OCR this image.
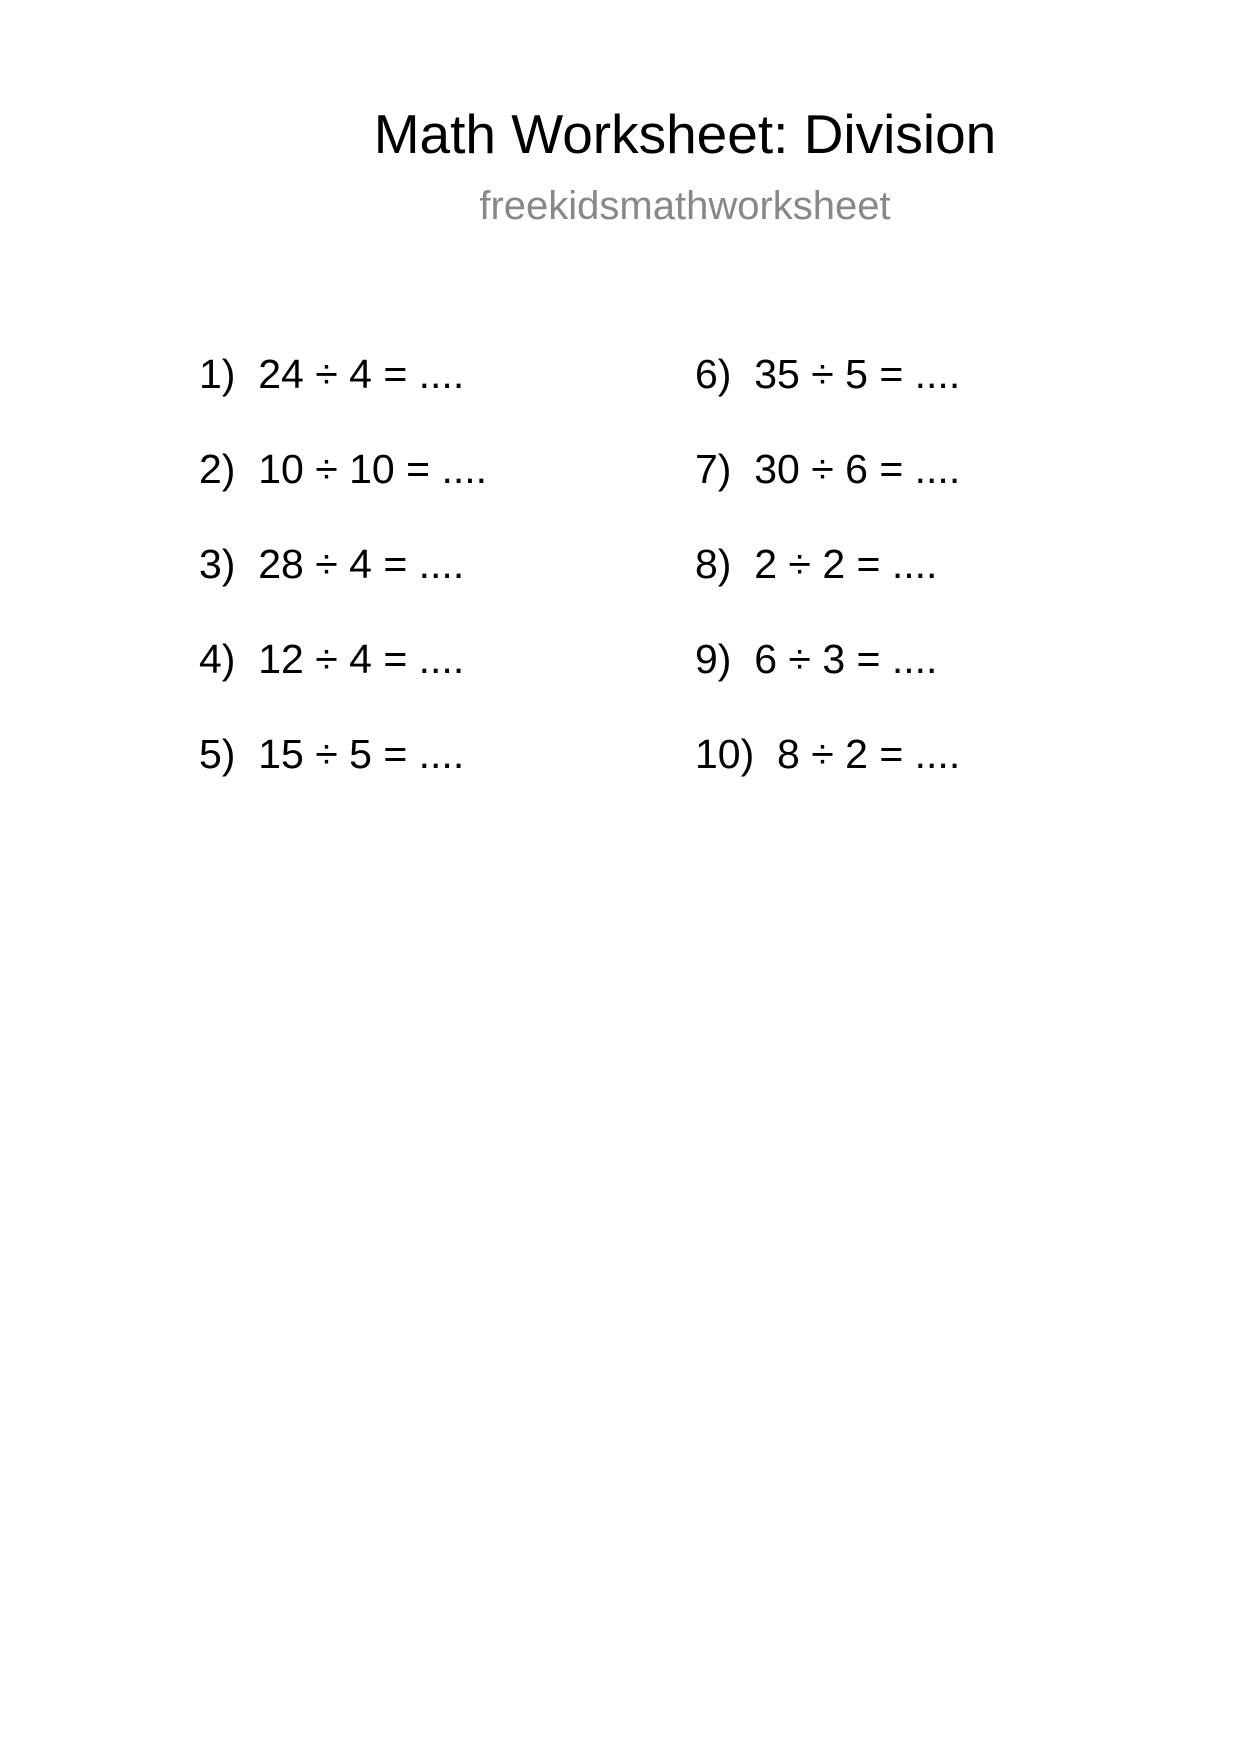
Math Worksheet: Division
freekidsmathworksheet
1)  24 ÷ 4 = ....
2)  10 ÷ 10 = ....
3)  28 ÷ 4 = ....
4)  12 ÷ 4 = ....
5)  15 ÷ 5 = ....
6)  35 ÷ 5 = ....
7)  30 ÷ 6 = ....
8)  2 ÷ 2 = ....
9)  6 ÷ 3 = ....
10)  8 ÷ 2 = ....
